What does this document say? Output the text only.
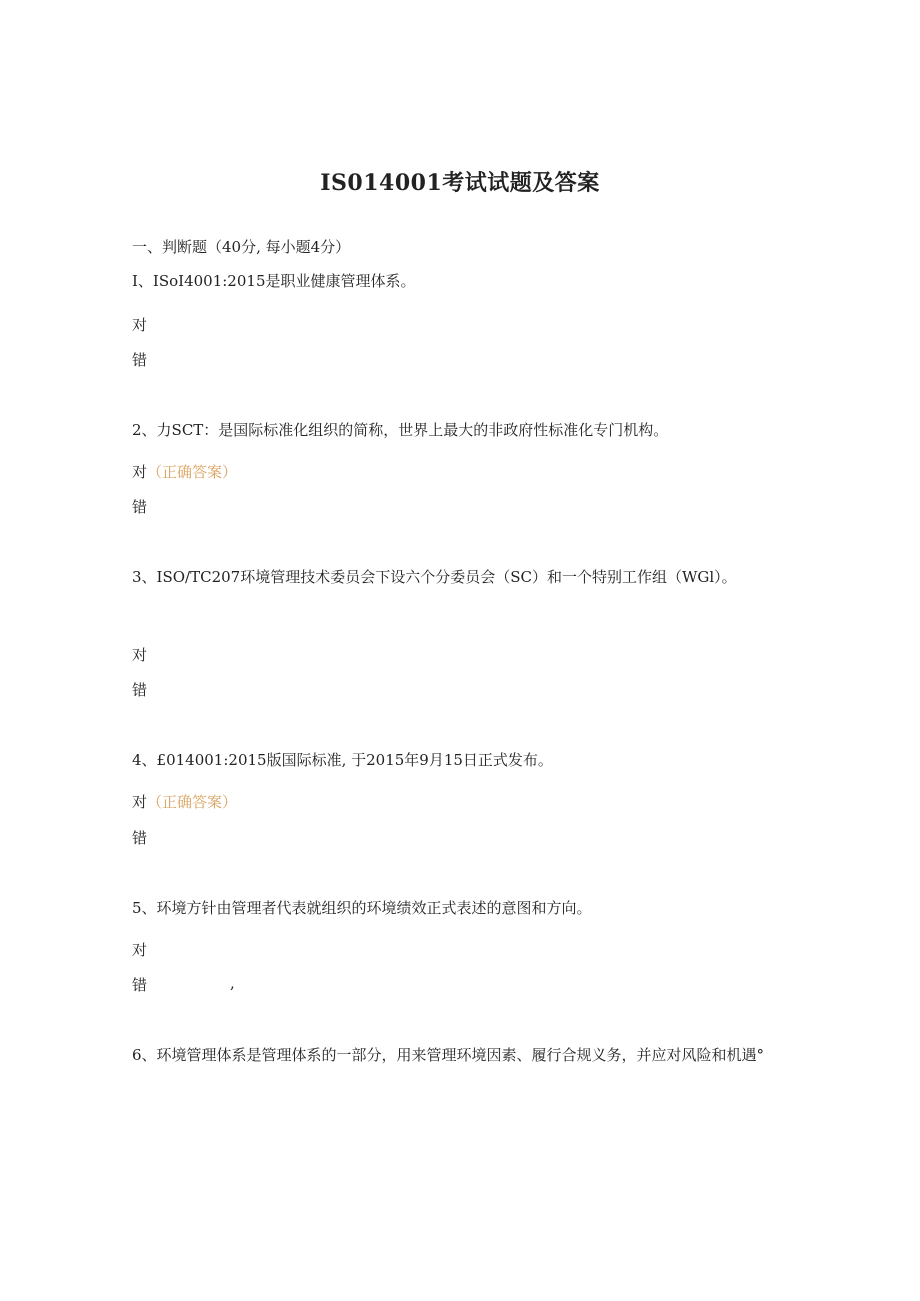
IS014001考试试题及答案
一、判断题（40分, 每小题4分）
I、ISoI4001:2015是职业健康管理体系。
对
错
2、力SCT：是国际标准化组织的简称，世界上最大的非政府性标准化专门机构。
对（正确答案）
错
3、ISO/TC207环境管理技术委员会下设六个分委员会（SC）和一个特别工作组（WGl）。
对
错
4、£014001:2015版国际标准, 于2015年9月15日正式发布。
对（正确答案）
错
5、环境方针由管理者代表就组织的环境绩效正式表述的意图和方向。
对
错	,
6、环境管理体系是管理体系的一部分，用来管理环境因素、履行合规义务，并应对风险和机遇°
